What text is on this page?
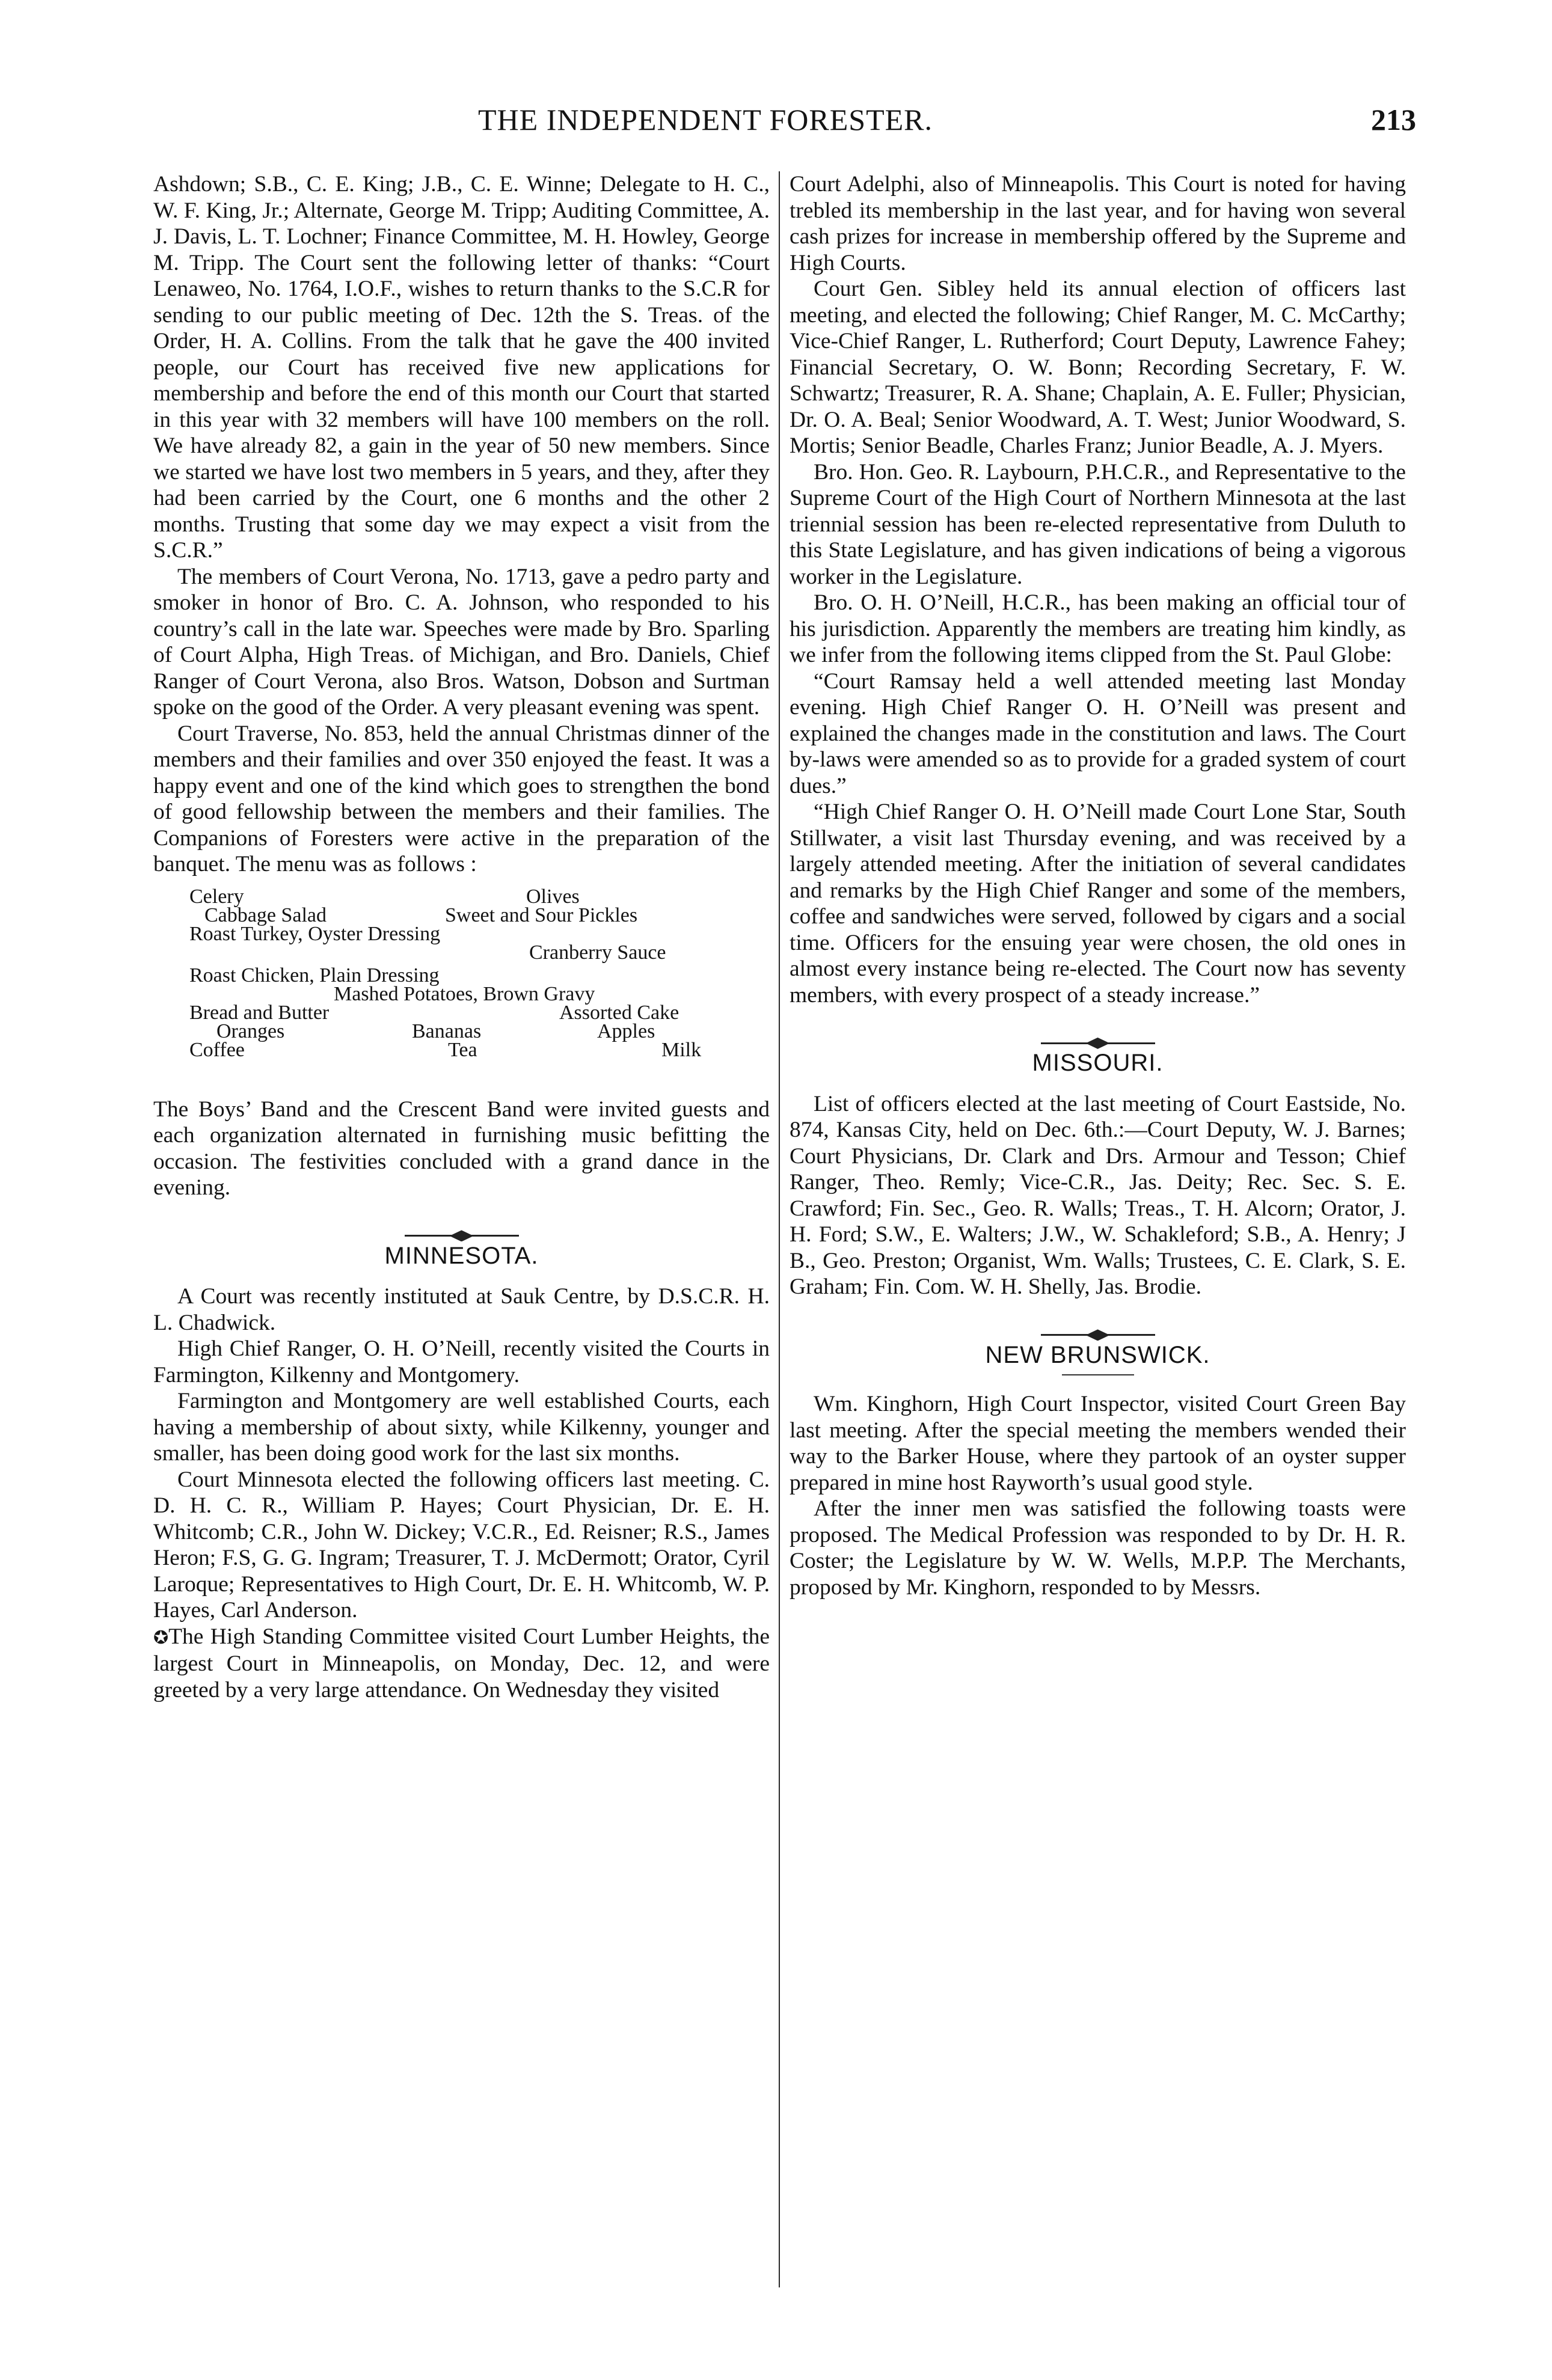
THE INDEPENDENT FORESTER.	213

Ashdown; S.B., C. E. King; J.B., C. E. Winne; Delegate to H. C., W. F. King, Jr.; Alternate, George M. Tripp; Auditing Committee, A. J. Davis, L. T. Lochner; Finance Committee, M. H. Howley, George M. Tripp. The Court sent the following letter of thanks: “Court Lenaweo, No. 1764, I.O.F., wishes to return thanks to the S.C.R for sending to our public meeting of Dec. 12th the S. Treas. of the Order, H. A. Collins. From the talk that he gave the 400 invited people, our Court has received five new applications for membership and before the end of this month our Court that started in this year with 32 members will have 100 members on the roll. We have already 82, a gain in the year of 50 new members. Since we started we have lost two members in 5 years, and they, after they had been carried by the Court, one 6 months and the other 2 months. Trusting that some day we may expect a visit from the S.C.R.”

The members of Court Verona, No. 1713, gave a pedro party and smoker in honor of Bro. C. A. Johnson, who responded to his country’s call in the late war. Speeches were made by Bro. Sparling of Court Alpha, High Treas. of Michigan, and Bro. Daniels, Chief Ranger of Court Verona, also Bros. Watson, Dobson and Surtman spoke on the good of the Order. A very pleasant evening was spent.

Court Traverse, No. 853, held the annual Christmas dinner of the members and their families and over 350 enjoyed the feast. It was a happy event and one of the kind which goes to strengthen the bond of good fellowship between the members and their families. The Companions of Foresters were active in the preparation of the banquet. The menu was as follows :

Celery	Olives
Cabbage Salad	Sweet and Sour Pickles
Roast Turkey, Oyster Dressing
Cranberry Sauce
Roast Chicken, Plain Dressing
Mashed Potatoes, Brown Gravy
Bread and Butter	Assorted Cake
Oranges	Bananas	Apples
Coffee	Tea	Milk

The Boys’ Band and the Crescent Band were invited guests and each organization alternated in furnishing music befitting the occasion. The festivities concluded with a grand dance in the evening.

MINNESOTA.

A Court was recently instituted at Sauk Centre, by D.S.C.R. H. L. Chadwick.

High Chief Ranger, O. H. O’Neill, recently visited the Courts in Farmington, Kilkenny and Montgomery.

Farmington and Montgomery are well established Courts, each having a membership of about sixty, while Kilkenny, younger and smaller, has been doing good work for the last six months.

Court Minnesota elected the following officers last meeting. C. D. H. C. R., William P. Hayes; Court Physician, Dr. E. H. Whitcomb; C.R., John W. Dickey; V.C.R., Ed. Reisner; R.S., James Heron; F.S, G. G. Ingram; Treasurer, T. J. McDermott; Orator, Cyril Laroque; Representatives to High Court, Dr. E. H. Whitcomb, W. P. Hayes, Carl Anderson.

✪The High Standing Committee visited Court Lumber Heights, the largest Court in Minneapolis, on Monday, Dec. 12, and were greeted by a very large attendance. On Wednesday they visited

Court Adelphi, also of Minneapolis. This Court is noted for having trebled its membership in the last year, and for having won several cash prizes for increase in membership offered by the Supreme and High Courts.

Court Gen. Sibley held its annual election of officers last meeting, and elected the following; Chief Ranger, M. C. McCarthy; Vice-Chief Ranger, L. Rutherford; Court Deputy, Lawrence Fahey; Financial Secretary, O. W. Bonn; Recording Secretary, F. W. Schwartz; Treasurer, R. A. Shane; Chaplain, A. E. Fuller; Physician, Dr. O. A. Beal; Senior Woodward, A. T. West; Junior Woodward, S. Mortis; Senior Beadle, Charles Franz; Junior Beadle, A. J. Myers.

Bro. Hon. Geo. R. Laybourn, P.H.C.R., and Representative to the Supreme Court of the High Court of Northern Minnesota at the last triennial session has been re-elected representative from Duluth to this State Legislature, and has given indications of being a vigorous worker in the Legislature.

Bro. O. H. O’Neill, H.C.R., has been making an official tour of his jurisdiction. Apparently the members are treating him kindly, as we infer from the following items clipped from the St. Paul Globe:

“Court Ramsay held a well attended meeting last Monday evening. High Chief Ranger O. H. O’Neill was present and explained the changes made in the constitution and laws. The Court by-laws were amended so as to provide for a graded system of court dues.”

“High Chief Ranger O. H. O’Neill made Court Lone Star, South Stillwater, a visit last Thursday evening, and was received by a largely attended meeting. After the initiation of several candidates and remarks by the High Chief Ranger and some of the members, coffee and sandwiches were served, followed by cigars and a social time. Officers for the ensuing year were chosen, the old ones in almost every instance being re-elected. The Court now has seventy members, with every prospect of a steady increase.”

MISSOURI.

List of officers elected at the last meeting of Court Eastside, No. 874, Kansas City, held on Dec. 6th.:—Court Deputy, W. J. Barnes; Court Physicians, Dr. Clark and Drs. Armour and Tesson; Chief Ranger, Theo. Remly; Vice-C.R., Jas. Deity; Rec. Sec. S. E. Crawford; Fin. Sec., Geo. R. Walls; Treas., T. H. Alcorn; Orator, J. H. Ford; S.W., E. Walters; J.W., W. Schakleford; S.B., A. Henry; J B., Geo. Preston; Organist, Wm. Walls; Trustees, C. E. Clark, S. E. Graham; Fin. Com. W. H. Shelly, Jas. Brodie.

NEW BRUNSWICK.

Wm. Kinghorn, High Court Inspector, visited Court Green Bay last meeting. After the special meeting the members wended their way to the Barker House, where they partook of an oyster supper prepared in mine host Rayworth’s usual good style.

After the inner men was satisfied the following toasts were proposed. The Medical Profession was responded to by Dr. H. R. Coster; the Legislature by W. W. Wells, M.P.P. The Merchants, proposed by Mr. Kinghorn, responded to by Messrs.
